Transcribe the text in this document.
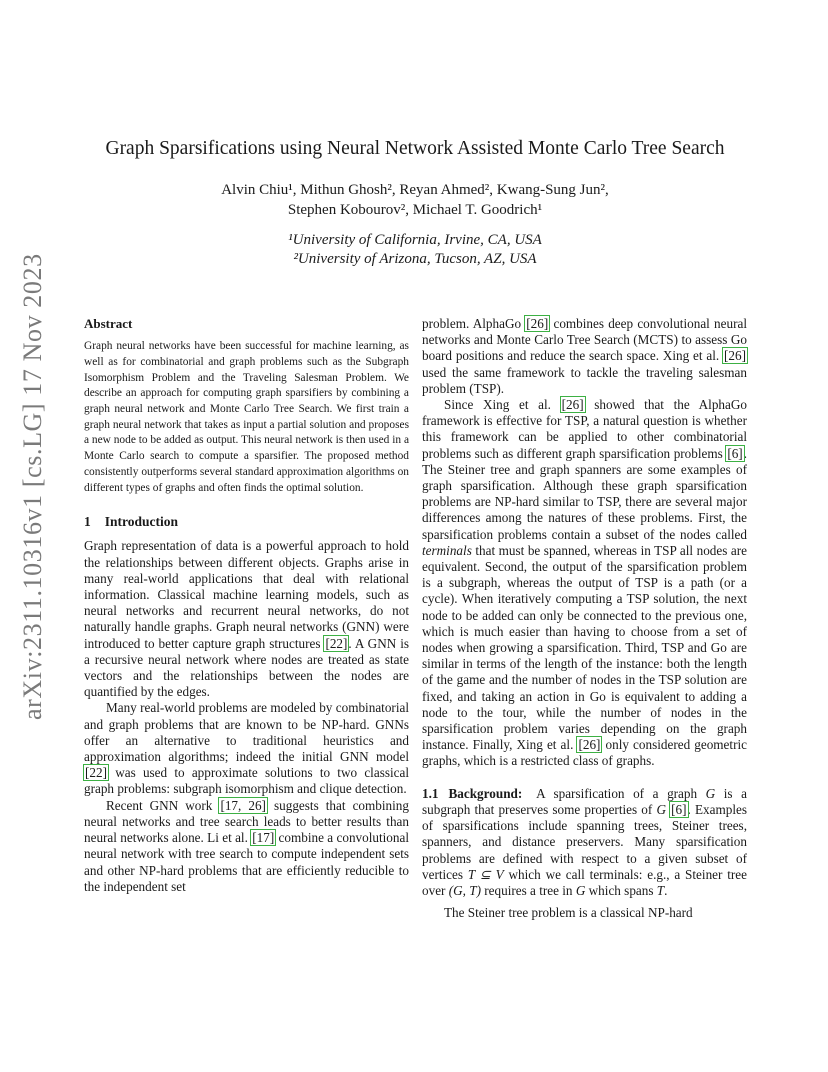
arXiv:2311.10316v1 [cs.LG] 17 Nov 2023
Graph Sparsifications using Neural Network Assisted Monte Carlo Tree Search
Alvin Chiu¹, Mithun Ghosh², Reyan Ahmed², Kwang-Sung Jun²,
Stephen Kobourov², Michael T. Goodrich¹
¹University of California, Irvine, CA, USA
²University of Arizona, Tucson, AZ, USA
Abstract

Graph neural networks have been successful for machine learning, as well as for combinatorial and graph problems such as the Subgraph Isomorphism Problem and the Traveling Salesman Problem. We describe an approach for computing graph sparsifiers by combining a graph neural network and Monte Carlo Tree Search. We first train a graph neural network that takes as input a partial solution and proposes a new node to be added as output. This neural network is then used in a Monte Carlo search to compute a sparsifier. The proposed method consistently outperforms several standard approximation algorithms on different types of graphs and often finds the optimal solution.

1 Introduction

Graph representation of data is a powerful approach to hold the relationships between different objects. Graphs arise in many real-world applications that deal with relational information. Classical machine learning models, such as neural networks and recurrent neural networks, do not naturally handle graphs. Graph neural networks (GNN) were introduced to better capture graph structures [22]. A GNN is a recursive neural network where nodes are treated as state vectors and the relationships between the nodes are quantified by the edges.

Many real-world problems are modeled by combinatorial and graph problems that are known to be NP-hard. GNNs offer an alternative to traditional heuristics and approximation algorithms; indeed the initial GNN model [22] was used to approximate solutions to two classical graph problems: subgraph isomorphism and clique detection.

Recent GNN work [17, 26] suggests that combining neural networks and tree search leads to better results than neural networks alone. Li et al. [17] combine a convolutional neural network with tree search to compute independent sets and other NP-hard problems that are efficiently reducible to the independent set

problem. AlphaGo [26] combines deep convolutional neural networks and Monte Carlo Tree Search (MCTS) to assess Go board positions and reduce the search space. Xing et al. [26] used the same framework to tackle the traveling salesman problem (TSP).

Since Xing et al. [26] showed that the AlphaGo framework is effective for TSP, a natural question is whether this framework can be applied to other combinatorial problems such as different graph sparsification problems [6]. The Steiner tree and graph spanners are some examples of graph sparsification. Although these graph sparsification problems are NP-hard similar to TSP, there are several major differences among the natures of these problems. First, the sparsification problems contain a subset of the nodes called terminals that must be spanned, whereas in TSP all nodes are equivalent. Second, the output of the sparsification problem is a subgraph, whereas the output of TSP is a path (or a cycle). When iteratively computing a TSP solution, the next node to be added can only be connected to the previous one, which is much easier than having to choose from a set of nodes when growing a sparsification. Third, TSP and Go are similar in terms of the length of the instance: both the length of the game and the number of nodes in the TSP solution are fixed, and taking an action in Go is equivalent to adding a node to the tour, while the number of nodes in the sparsification problem varies depending on the graph instance. Finally, Xing et al. [26] only considered geometric graphs, which is a restricted class of graphs.

1.1 Background: A sparsification of a graph G is a subgraph that preserves some properties of G [6]. Examples of sparsifications include spanning trees, Steiner trees, spanners, and distance preservers. Many sparsification problems are defined with respect to a given subset of vertices T ⊆ V which we call terminals: e.g., a Steiner tree over (G, T) requires a tree in G which spans T.

The Steiner tree problem is a classical NP-hard
